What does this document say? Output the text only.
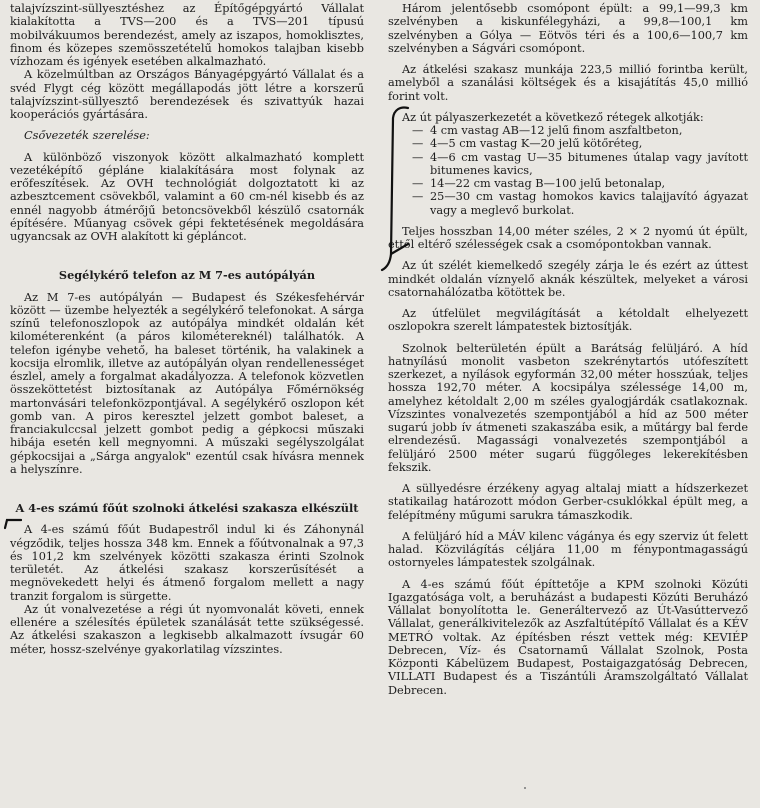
talajvízszint-süllyesztéshez az Építőgépgyártó Vállalat kialakította a TVS—200 és a TVS—201 típusú mobilvákuumos berendezést, amely az iszapos, homoklisztes, finom és közepes szemösszetételű homokos talajban kisebb vízhozam és igények esetében alkalmazható.

A közelmúltban az Országos Bányagépgyártó Vállalat és a svéd Flygt cég között megállapodás jött létre a korszerű talajvízszint-süllyesztő berendezések és szivattyúk hazai kooperációs gyártására.

Csővezeték szerelése:

A különböző viszonyok között alkalmazható komplett vezetéképítő gépláne kialakítására most folynak az erőfeszítések. Az OVH technológiát dolgoztatott ki az azbesztcement csövekből, valamint a 60 cm-nél kisebb és az ennél nagyobb átmérőjű betoncsövekből készülő csatornák építésére. Műanyag csövek gépi fektetésének megoldására ugyancsak az OVH alakított ki gépláncot.

Segélykérő telefon az M 7-es autópályán

Az M 7-es autópályán — Budapest és Székesfehérvár között — üzembe helyezték a segélykérő telefonokat. A sárga színű telefonoszlopok az autópálya mindkét oldalán két kilométerenként (a páros kilométereknél) találhatók. A telefon igénybe vehető, ha baleset történik, ha valakinek a kocsija elromlik, illetve az autópályán olyan rendellenességet észlel, amely a forgalmat akadályozza. A telefonok közvetlen összeköttetést biztosítanak az Autópálya Főmérnökség martonvásári telefonközpontjával. A segélykérő oszlopon két gomb van. A piros keresztel jelzett gombot baleset, a franciakulccsal jelzett gombot pedig a gépkocsi műszaki hibája esetén kell megnyomni. A műszaki segélyszolgálat gépkocsijai a „Sárga angyalok" ezentúl csak hívásra mennek a helyszínre.

A 4-es számú főút szolnoki átkelési szakasza elkészült

A 4-es számú főút Budapestről indul ki és Záhonynál végződik, teljes hossza 348 km. Ennek a főútvonalnak a 97,3 és 101,2 km szelvények közötti szakasza érinti Szolnok területét. Az átkelési szakasz korszerűsítését a megnövekedett helyi és átmenő forgalom mellett a nagy tranzit forgalom is sürgette.

Az út vonalvezetése a régi út nyomvonalát követi, ennek ellenére a szélesítés épületek szanálását tette szükségessé. Az átkelési szakaszon a legkisebb alkalmazott ívsugár 60 méter, hossz-szelvénye gyakorlatilag vízszintes.

Három jelentősebb csomópont épült: a 99,1—99,3 km szelvényben a kiskunfélegyházi, a 99,8—100,1 km szelvényben a Gólya — Eötvös téri és a 100,6—100,7 km szelvényben a Ságvári csomópont.

Az átkelési szakasz munkája 223,5 millió forintba került, amelyből a szanálási költségek és a kisajátítás 45,0 millió forint volt.

Az út pályaszerkezetét a következő rétegek alkotják:

— 4 cm vastag AB—12 jelű finom aszfaltbeton,
— 4—5 cm vastag K—20 jelű kötőréteg,
— 4—6 cm vastag U—35 bitumenes útalap vagy javított bitumenes kavics,
— 14—22 cm vastag B—100 jelű betonalap,
— 25—30 cm vastag homokos kavics talajjavító ágyazat vagy a meglevő burkolat.

Teljes hosszban 14,00 méter széles, 2 × 2 nyomú út épült, ettől eltérő szélességek csak a csomópontokban vannak.

Az út szélét kiemelkedő szegély zárja le és ezért az úttest mindkét oldalán víznyelő aknák készültek, melyeket a városi csatornahálózatba kötöttek be.

Az útfelület megvilágítását a kétoldalt elhelyezett oszlopokra szerelt lámpatestek biztosítják.

Szolnok belterületén épült a Barátság felüljáró. A híd hatnyílású monolit vasbeton szekrénytartós utófeszített szerkezet, a nyílások egyformán 32,00 méter hosszúak, teljes hossza 192,70 méter. A kocsipálya szélessége 14,00 m, amelyhez kétoldalt 2,00 m széles gyalogjárdák csatlakoznak. Vízszintes vonalvezetés szempontjából a híd az 500 méter sugarú jobb ív átmeneti szakaszába esik, a műtárgy bal ferde elrendezésű. Magassági vonalvezetés szempontjából a felüljáró 2500 méter sugarú függőleges lekerekítésben fekszik.

A süllyedésre érzékeny agyag altalaj miatt a hídszerkezet statikailag határozott módon Gerber-csuklókkal épült meg, a felépítmény műgumi sarukra támaszkodik.

A felüljáró híd a MÁV kilenc vágánya és egy szerviz út felett halad. Közvilágítás céljára 11,00 m fénypontmagasságú ostornyeles lámpatestek szolgálnak.

A 4-es számú főút építtetője a KPM szolnoki Közúti Igazgatósága volt, a beruházást a budapesti Közúti Beruházó Vállalat bonyolította le. Generáltervező az Út-Vasúttervező Vállalat, generálkivitelezők az Aszfaltútépítő Vállalat és a KÉV METRÓ voltak. Az építésben részt vettek még: KEVIÉP Debrecen, Víz- és Csatornamű Vállalat Szolnok, Posta Központi Kábelüzem Budapest, Postaigazgatóság Debrecen, VILLATI Budapest és a Tiszántúli Áramszolgáltató Vállalat Debrecen.
